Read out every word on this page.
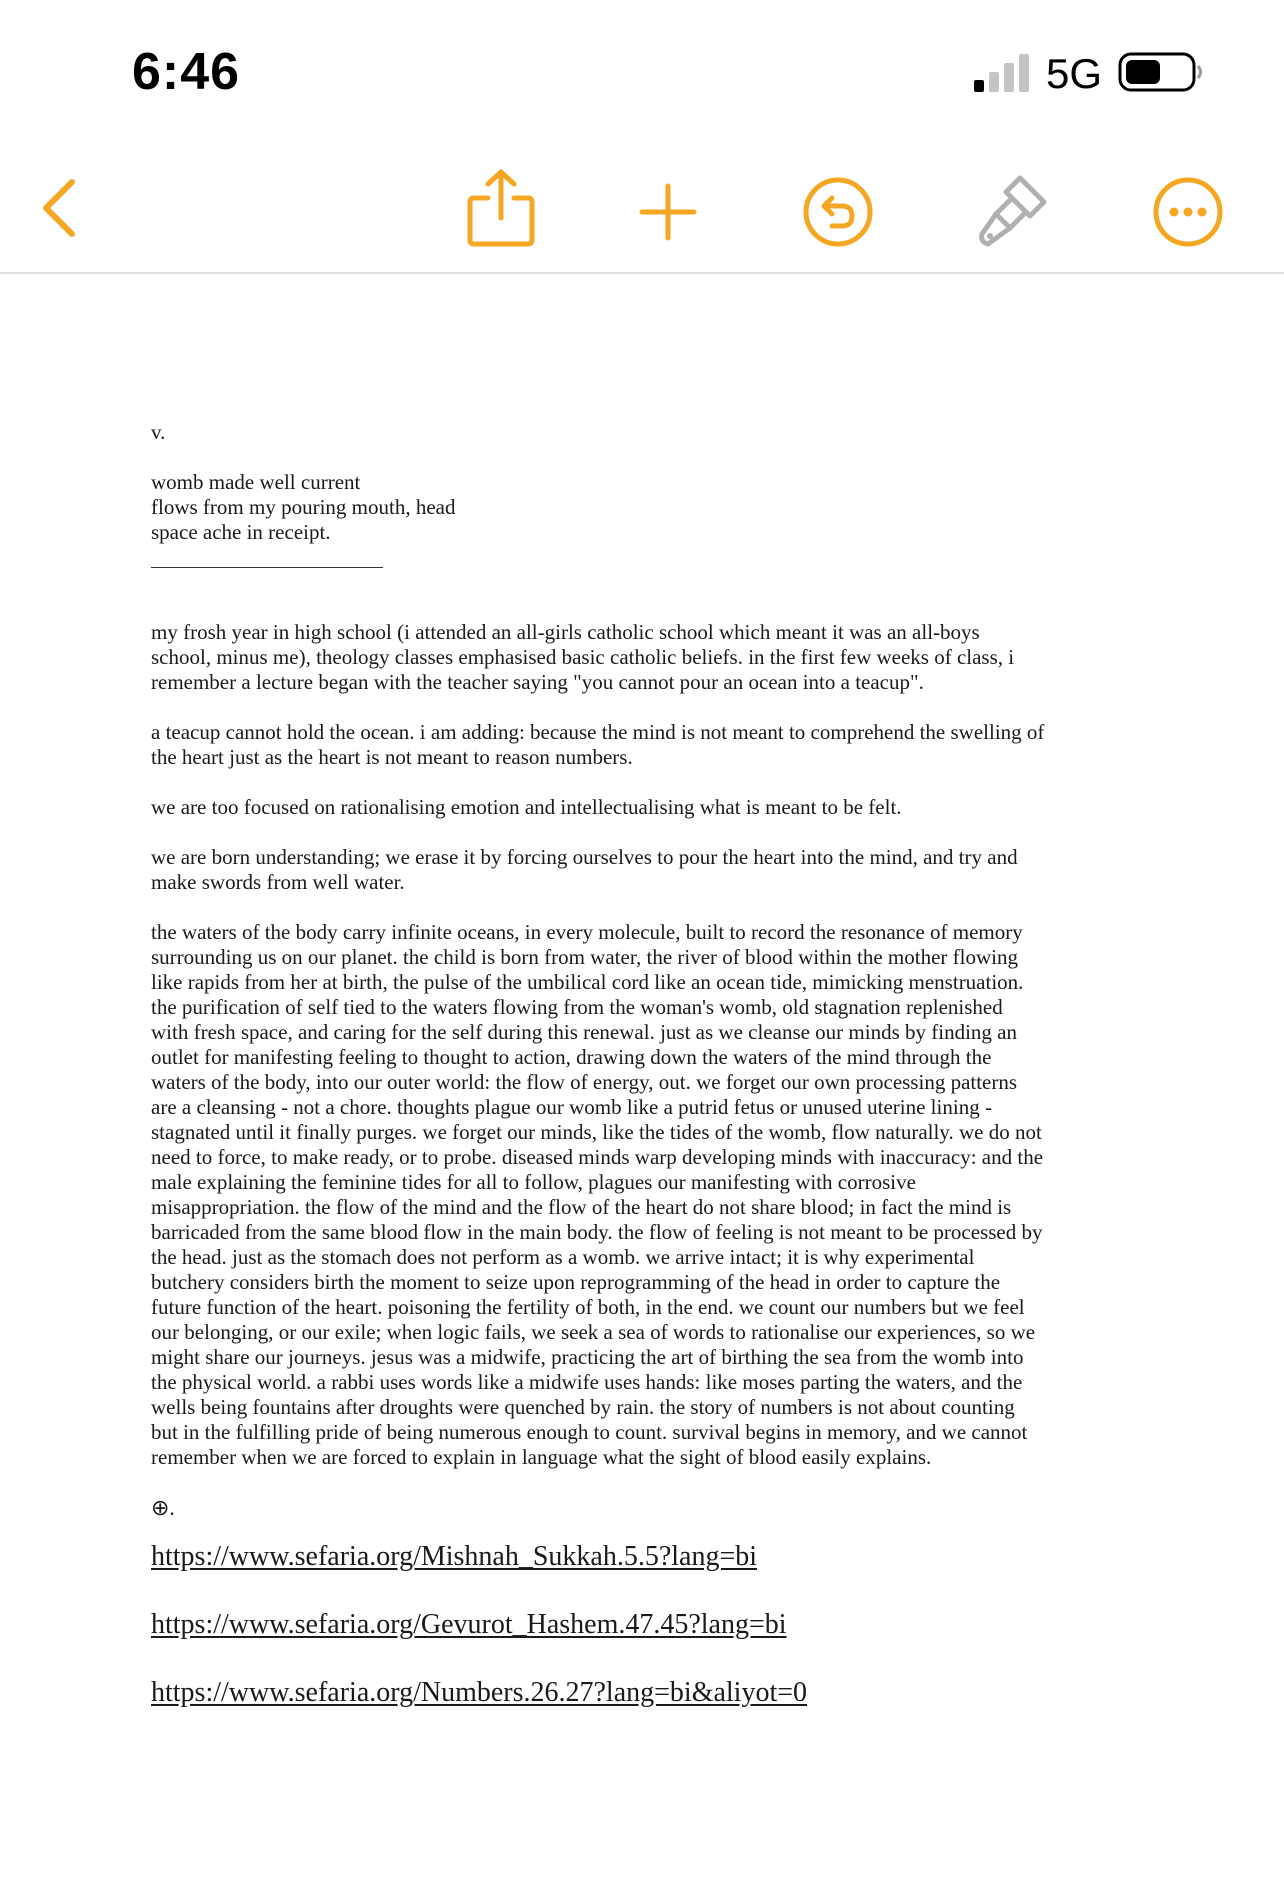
6:46	5G

v.

womb made well current
flows from my pouring mouth, head
space ache in receipt.

my frosh year in high school (i attended an all-girls catholic school which meant it was an all-boys
school, minus me), theology classes emphasised basic catholic beliefs. in the first few weeks of class, i
remember a lecture began with the teacher saying "you cannot pour an ocean into a teacup".

a teacup cannot hold the ocean. i am adding: because the mind is not meant to comprehend the swelling of
the heart just as the heart is not meant to reason numbers.

we are too focused on rationalising emotion and intellectualising what is meant to be felt.

we are born understanding; we erase it by forcing ourselves to pour the heart into the mind, and try and
make swords from well water.

the waters of the body carry infinite oceans, in every molecule, built to record the resonance of memory
surrounding us on our planet. the child is born from water, the river of blood within the mother flowing
like rapids from her at birth, the pulse of the umbilical cord like an ocean tide, mimicking menstruation.
the purification of self tied to the waters flowing from the woman's womb, old stagnation replenished
with fresh space, and caring for the self during this renewal. just as we cleanse our minds by finding an
outlet for manifesting feeling to thought to action, drawing down the waters of the mind through the
waters of the body, into our outer world: the flow of energy, out. we forget our own processing patterns
are a cleansing - not a chore. thoughts plague our womb like a putrid fetus or unused uterine lining -
stagnated until it finally purges. we forget our minds, like the tides of the womb, flow naturally. we do not
need to force, to make ready, or to probe. diseased minds warp developing minds with inaccuracy: and the
male explaining the feminine tides for all to follow, plagues our manifesting with corrosive
misappropriation. the flow of the mind and the flow of the heart do not share blood; in fact the mind is
barricaded from the same blood flow in the main body. the flow of feeling is not meant to be processed by
the head. just as the stomach does not perform as a womb. we arrive intact; it is why experimental
butchery considers birth the moment to seize upon reprogramming of the head in order to capture the
future function of the heart. poisoning the fertility of both, in the end. we count our numbers but we feel
our belonging, or our exile; when logic fails, we seek a sea of words to rationalise our experiences, so we
might share our journeys. jesus was a midwife, practicing the art of birthing the sea from the womb into
the physical world. a rabbi uses words like a midwife uses hands: like moses parting the waters, and the
wells being fountains after droughts were quenched by rain. the story of numbers is not about counting
but in the fulfilling pride of being numerous enough to count. survival begins in memory, and we cannot
remember when we are forced to explain in language what the sight of blood easily explains.

⊕.

https://www.sefaria.org/Mishnah_Sukkah.5.5?lang=bi
https://www.sefaria.org/Gevurot_Hashem.47.45?lang=bi
https://www.sefaria.org/Numbers.26.27?lang=bi&aliyot=0
